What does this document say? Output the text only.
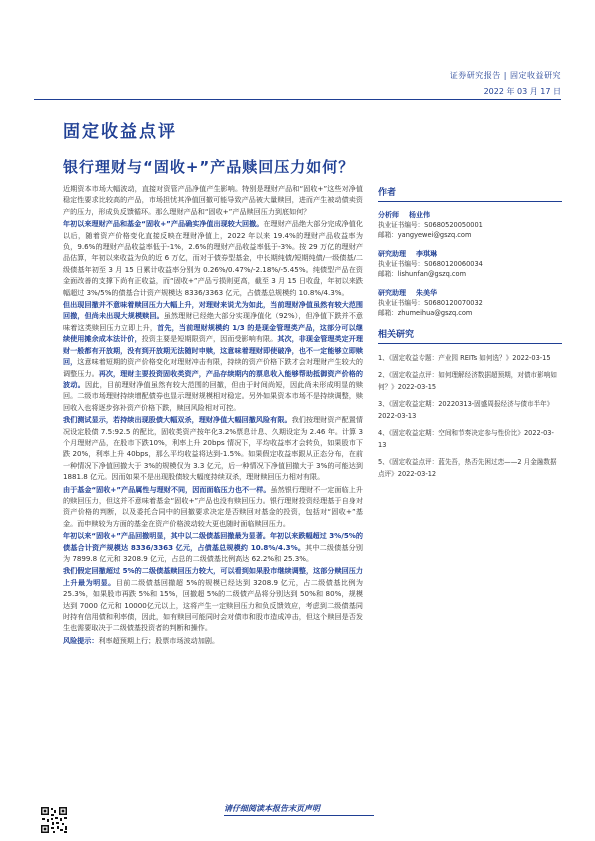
证券研究报告 | 固定收益研究
2022 年 03 月 17 日
固定收益点评
银行理财与“固收+”产品赎回压力如何？

近期资本市场大幅波动，直接对资管产品净值产生影响。特别是理财产品和“固收+”这些对净值稳定性要求比较高的产品，市场担忧其净值回撤可能导致产品被大量赎回，进而产生被动债卖资产的压力，形成负反馈循环。那么理财产品和“固收+”产品赎回压力到底如何？

年初以来理财产品和基金“固收+”产品确实净值出现较大回撤。在理财产品绝大部分完成净值化以后，随着资产价格变化直接反映在理财净值上，2022 年以来 19.4%的理财产品收益率为负，9.6%的理财产品收益率低于-1%，2.6%的理财产品收益率低于-3%。按 29 万亿的理财产品估算，年初以来收益为负的近 6 万亿，而对于债券型基金，中长期纯债/短期纯债/一级债基/二级债基年初至 3 月 15 日累计收益率分别为 0.26%/0.47%/-2.18%/-5.45%。纯债型产品在资金面改善的支撑下尚有正收益，而“固收+”产品亏损则更高，截至 3 月 15 日收盘，年初以来跌幅超过 3%/5%的债基合计资产规模达 8336/3363 亿元，占债基总规模约 10.8%/4.3%。

但出现回撤并不意味着赎回压力大幅上升，对理财来说尤为如此，当前理财净值虽然有较大范围回撤，但尚未出现大规模赎回。虽然理财已经绝大部分实现净值化（92%），但净值下跌并不意味着这类赎回压力立即上升，首先，当前理财规模约 1/3 的是现金管理类产品，这部分可以继续使用摊余成本法计价，投资主要是短期限资产，因而受影响有限。其次，非现金管理类定开理财一般都有开放期，没有到开放期无法随时申赎，这意味着理财即使破净，也不一定能够立即赎回，这意味着短期的资产价格变化对理财冲击有限，持续的资产价格下跌才会对理财产生较大的调整压力。再次，理财主要投资固收类资产，产品存续期内的票息收入能够帮助抵御资产价格的波动。因此，目前理财净值虽然有较大范围的回撤，但由于时间尚短，因此尚未形成明显的赎回。二级市场理财持续增配债券也显示理财规模相对稳定。另外如果资本市场不是持续调整，赎回收入也将逐步弥补资产价格下跌，赎回风险相对可控。

我们测试显示，若持续出现股债大幅双杀，理财净值大幅回撤风险有限。我们按理财资产配置情况设定股债 7.5:92.5 的配比，固收类资产按年化3.2%票息计息、久期设定为 2.46 年。计算 3 个月理财产品，在股市下跌10%，利率上升 20bps 情况下，平均收益率才会转负，如果股市下跌 20%，利率上升 40bps，那么平均收益将达到-1.5%。如果假定收益率跟从正态分布，在前一种情况下净值回撤大于 3%的规模仅为 3.3 亿元，后一种情况下净值回撤大于 3%的可能达到 1881.8 亿元。因而如果不是出现股债较大幅度持续双杀，理财赎回压力相对有限。

由于基金“固收+”产品属性与理财不同，因而面临压力也不一样。虽然银行理财不一定面临上升的赎回压力，但这并不意味着基金“固收+”产品也没有赎回压力。银行理财投资经理基于自身对资产价格的判断，以及委托合同中的回撤要求决定是否赎回对基金的投资，包括对“固收+”基金。而申赎较为方面的基金在资产价格波动较大更也随时面临赎回压力。

年初以来“固收+”产品回撤明显，其中以二级债基回撤最为显著。年初以来跌幅超过 3%/5%的债基合计资产规模达 8336/3363 亿元，占债基总规模约 10.8%/4.3%。其中二级债基分别为 7899.8 亿元和 3208.9 亿元，占总的二级债基比例高达 62.2%和 25.3%。

我们假定回撤超过 5%的二级债基赎回压力较大，可以看到如果股市继续调整，这部分赎回压力上升最为明显。目前二级债基回撤超 5%的规模已经达到 3208.9 亿元，占二级债基比例为 25.3%，如果股市再跌 5%和 15%，回撤超 5%的二级债产品将分别达到 50%和 80%，规模达到 7000 亿元和 10000亿元以上，这将产生一定赎回压力和负反馈效应，考虑到二级债基同时持有信用债和利率债，因此，如有赎回可能同时会对债市和股市造成冲击，但这个赎回是否发生也需要取决于二级债基投资者的判断和操作。

风险提示：利率超预期上行；股票市场波动加剧。

作者
分析师 杨业伟
执业证书编号：S0680520050001
邮箱：yangyewei@gszq.com
研究助理 李琪琳
执业证书编号：S0680120060034
邮箱：lishunfan@gszq.com
研究助理 朱美华
执业证书编号：S0680120070032
邮箱：zhumeihua@gszq.com
相关研究
1、《固定收益专题：产业园 REITs 如何选？》2022-03-15
2、《固定收益点评：如何理解经济数据超预期，对债市影响如何？》2022-03-15
3、《固定收益定期：20220313-固盛周报经济与债市半年》2022-03-13
4、《固定收益定期：空间和节奏决定参与性价比》2022-03-13
5、《固定收益点评：蓝先吾，热否先困过恋——2 月金融数据点评》2022-03-12
请仔细阅读本报告末页声明
